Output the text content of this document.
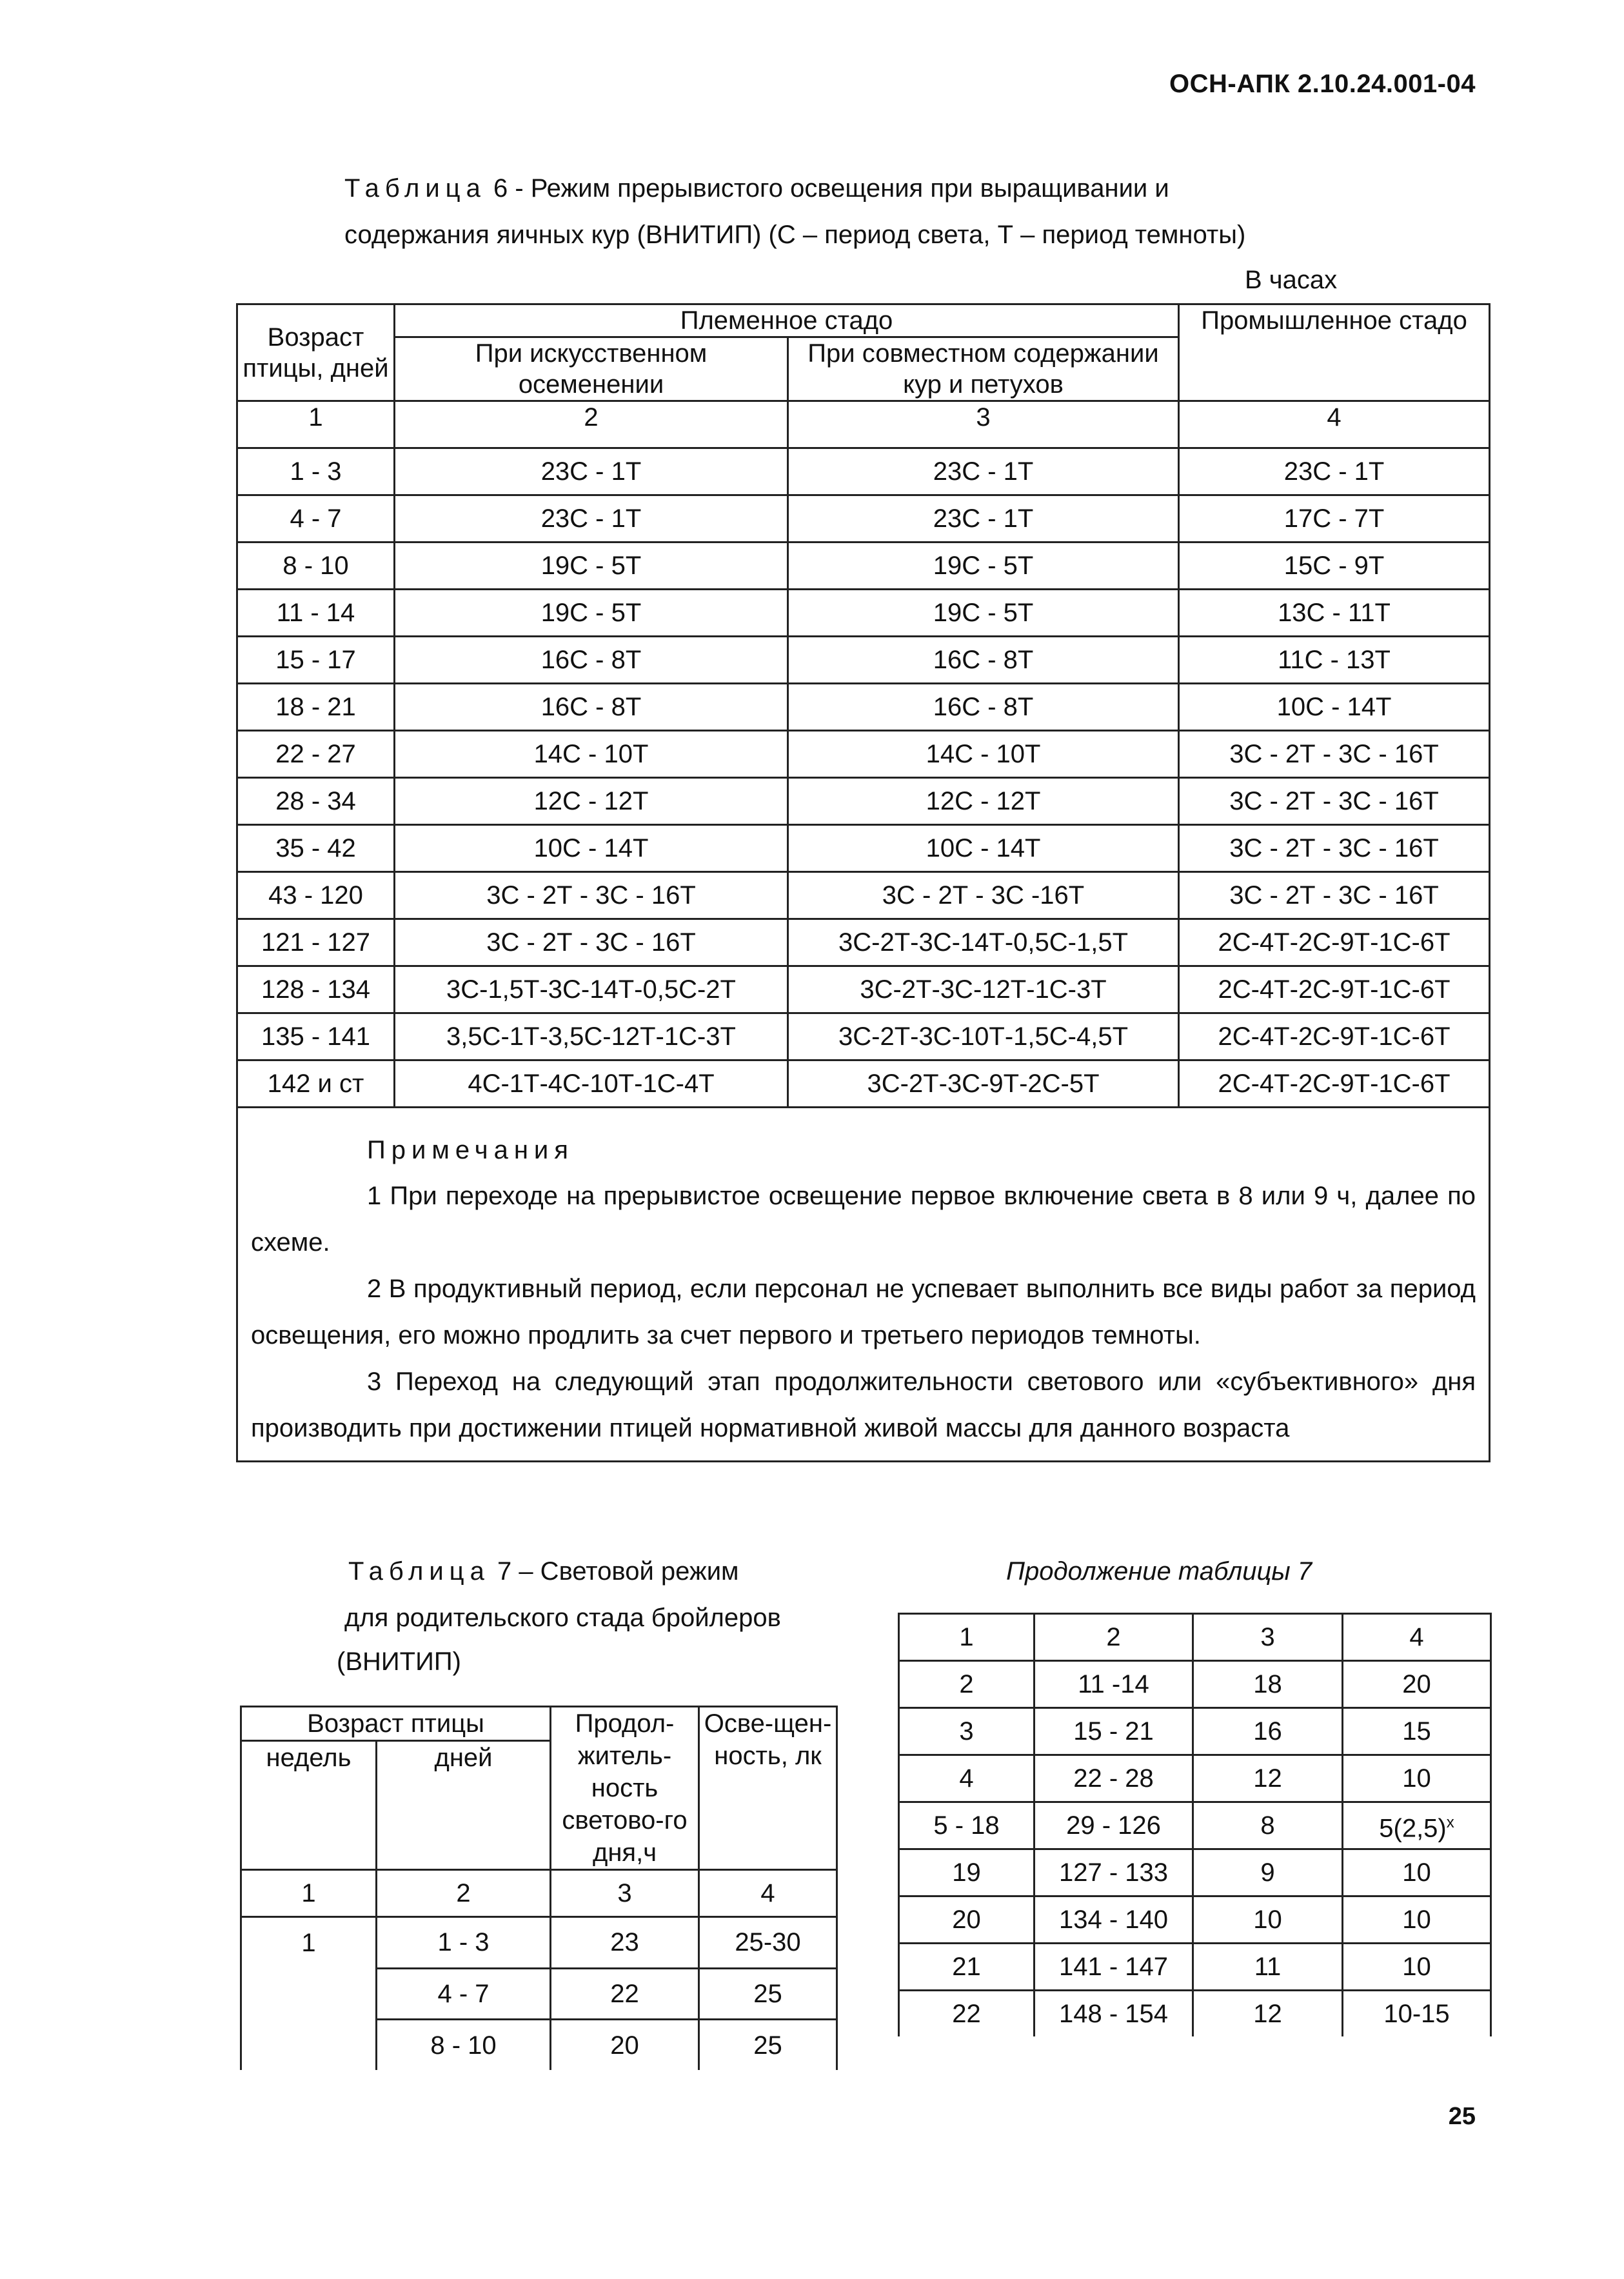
ОСН-АПК 2.10.24.001-04
Таблица 6 - Режим прерывистого освещения при выращивании и
содержания яичных кур (ВНИТИП) (С – период света, Т – период темноты)
В часах
Возраст птицы, дней	Племенное стадо		Промышленное стадо
	При искусственном осеменении	При совместном содержании кур и петухов	
1	2	3	4
1 - 3	23С - 1Т	23С - 1Т	23С - 1Т
4 - 7	23С - 1Т	23С - 1Т	17С - 7Т
8 - 10	19С - 5Т	19С - 5Т	15С - 9Т
11 - 14	19С - 5Т	19С - 5Т	13С - 11Т
15 - 17	16С - 8Т	16С - 8Т	11С - 13Т
18 - 21	16С - 8Т	16С - 8Т	10С - 14Т
22 - 27	14С - 10Т	14С - 10Т	3С - 2Т - 3С - 16Т
28 - 34	12С - 12Т	12С - 12Т	3С - 2Т - 3С - 16Т
35 - 42	10С - 14Т	10С - 14Т	3С - 2Т - 3С - 16Т
43 - 120	3С - 2Т - 3С - 16Т	3С - 2Т - 3С -16Т	3С - 2Т - 3С - 16Т
121 - 127	3С - 2Т - 3С - 16Т	3С-2Т-3С-14Т-0,5С-1,5Т	2С-4Т-2С-9Т-1С-6Т
128 - 134	3С-1,5Т-3С-14Т-0,5С-2Т	3С-2Т-3С-12Т-1С-3Т	2С-4Т-2С-9Т-1С-6Т
135 - 141	3,5С-1Т-3,5С-12Т-1С-3Т	3С-2Т-3С-10Т-1,5С-4,5Т	2С-4Т-2С-9Т-1С-6Т
142 и ст	4С-1Т-4С-10Т-1С-4Т	3С-2Т-3С-9Т-2С-5Т	2С-4Т-2С-9Т-1С-6Т

Примечания

1 При переходе на прерывистое освещение первое включение света в 8 или 9 ч, далее по схеме.

2 В продуктивный период, если персонал не успевает выполнить все виды работ за период освещения, его можно продлить за счет первого и третьего периодов темноты.

3 Переход на следующий этап продолжительности светового или «субъективного» дня производить при достижении птицей нормативной живой массы для данного возраста			

Таблица 7 – Световой режим
для родительского стада бройлеров
(ВНИТИП)
Возраст птицы		Продол-житель-ность светово-го дня,ч	Осве-щен-ность, лк
недель	дней		
1	2	3	4
1	1 - 3	23	25-30
	4 - 7	22	25
	8 - 10	20	25
Продолжение таблицы 7
1	2	3	4
2	11 -14	18	20
3	15 - 21	16	15
4	22 - 28	12	10
5 - 18	29 - 126	8	$5(2,5)^x$
19	127 - 133	9	10
20	134 - 140	10	10
21	141 - 147	11	10
22	148 - 154	12	10-15
25
